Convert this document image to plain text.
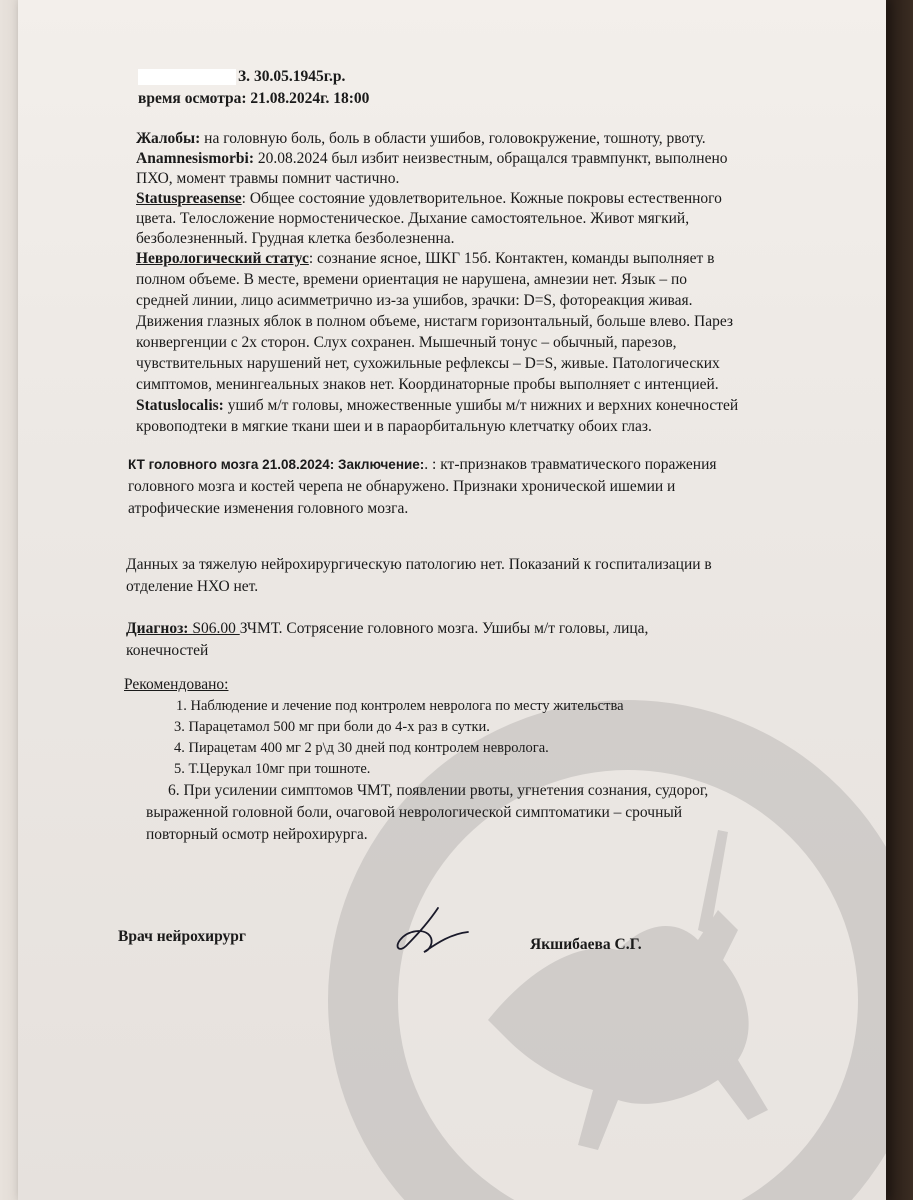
З. 30.05.1945г.р.
время осмотра: 21.08.2024г. 18:00
Жалобы: на головную боль, боль в области ушибов, головокружение, тошноту, рвоту.
Anamnesismorbi: 20.08.2024 был избит неизвестным, обращался травмпункт, выполнено
ПХО, момент травмы помнит частично.
Statuspreasense: Общее состояние удовлетворительное. Кожные покровы естественного
цвета. Телосложение нормостеническое. Дыхание самостоятельное. Живот мягкий,
безболезненный. Грудная клетка безболезненна.
Неврологический статус: сознание ясное, ШКГ 15б. Контактен, команды выполняет в
полном объеме. В месте, времени ориентация не нарушена, амнезии нет. Язык – по
средней линии, лицо асимметрично из-за ушибов, зрачки: D=S, фотореакция живая.
Движения глазных яблок в полном объеме, нистагм горизонтальный, больше влево. Парез
конвергенции с 2х сторон. Слух сохранен. Мышечный тонус – обычный, парезов,
чувствительных нарушений нет, сухожильные рефлексы – D=S, живые. Патологических
симптомов, менингеальных знаков нет. Координаторные пробы выполняет с интенцией.
Statuslocalis: ушиб м/т головы, множественные ушибы м/т нижних и верхних конечностей
кровоподтеки в мягкие ткани шеи и в параорбитальную клетчатку обоих глаз.
КТ головного мозга 21.08.2024: Заключение:. : кт-признаков травматического поражения
головного мозга и костей черепа не обнаружено. Признаки хронической ишемии и
атрофические изменения головного мозга.
Данных за тяжелую нейрохирургическую патологию нет. Показаний к госпитализации в
отделение НХО нет.
Диагноз: S06.00 ЗЧМТ. Сотрясение головного мозга. Ушибы м/т головы, лица,
конечностей
Рекомендовано:
1. Наблюдение и лечение под контролем невролога по месту жительства
3. Парацетамол 500 мг при боли до 4-х раз в сутки.
4. Пирацетам 400 мг 2 р\д 30 дней под контролем невролога.
5. Т.Церукал 10мг при тошноте.
6. При усилении симптомов ЧМТ, появлении рвоты, угнетения сознания, судорог,
выраженной головной боли, очаговой неврологической симптоматики – срочный
повторный осмотр нейрохирурга.
Врач нейрохирург	Якшибаева С.Г.
